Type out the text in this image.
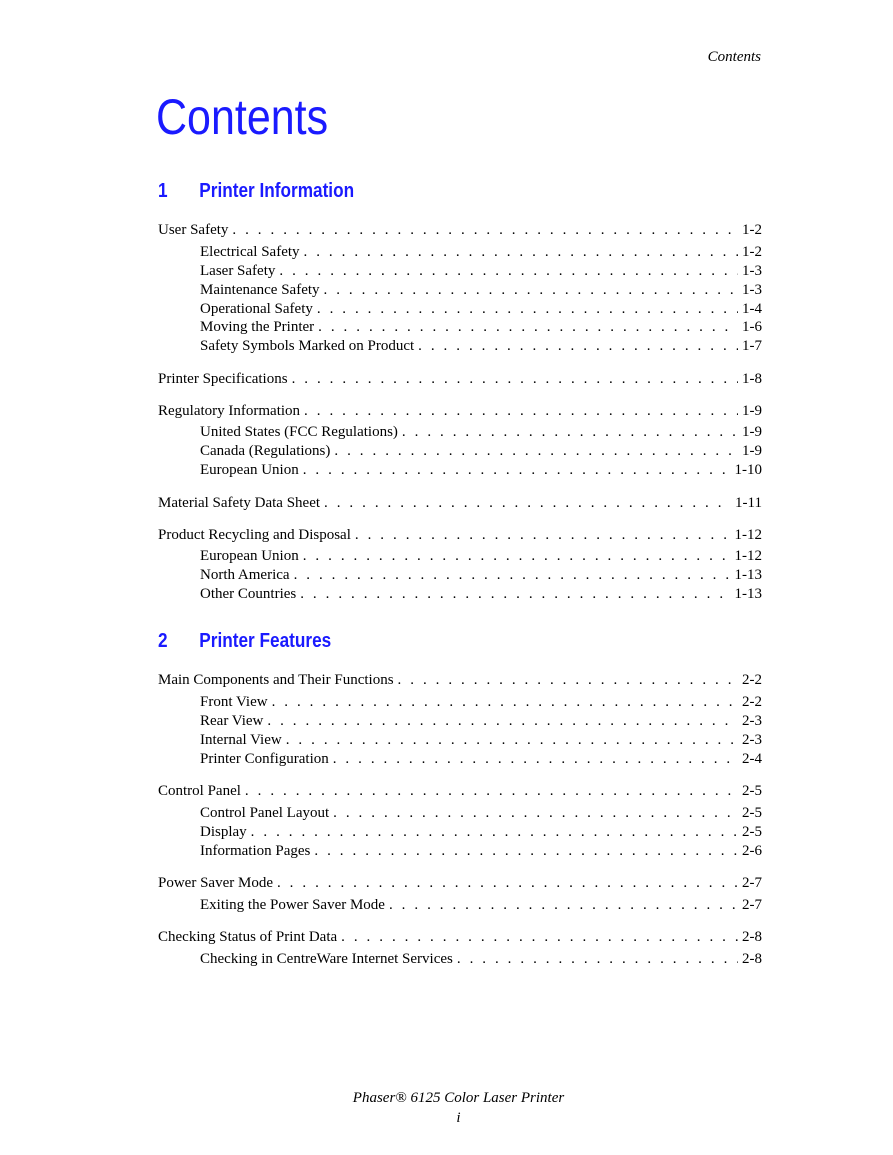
Contents
Contents
1	Printer Information
User Safety . . .	1-2
Electrical Safety . . .	1-2
Laser Safety . . .	1-3
Maintenance Safety . . .	1-3
Operational Safety . . .	1-4
Moving the Printer . . .	1-6
Safety Symbols Marked on Product . . .	1-7
Printer Specifications . . .	1-8
Regulatory Information . . .	1-9
United States (FCC Regulations) . . .	1-9
Canada (Regulations) . . .	1-9
European Union . . .	1-10
Material Safety Data Sheet . . .	1-11
Product Recycling and Disposal . . .	1-12
European Union . . .	1-12
North America . . .	1-13
Other Countries . . .	1-13
2	Printer Features
Main Components and Their Functions . . .	2-2
Front View . . .	2-2
Rear View . . .	2-3
Internal View . . .	2-3
Printer Configuration . . .	2-4
Control Panel . . .	2-5
Control Panel Layout . . .	2-5
Display . . .	2-5
Information Pages . . .	2-6
Power Saver Mode . . .	2-7
Exiting the Power Saver Mode . . .	2-7
Checking Status of Print Data . . .	2-8
Checking in CentreWare Internet Services . . .	2-8
Phaser® 6125 Color Laser Printer
i
